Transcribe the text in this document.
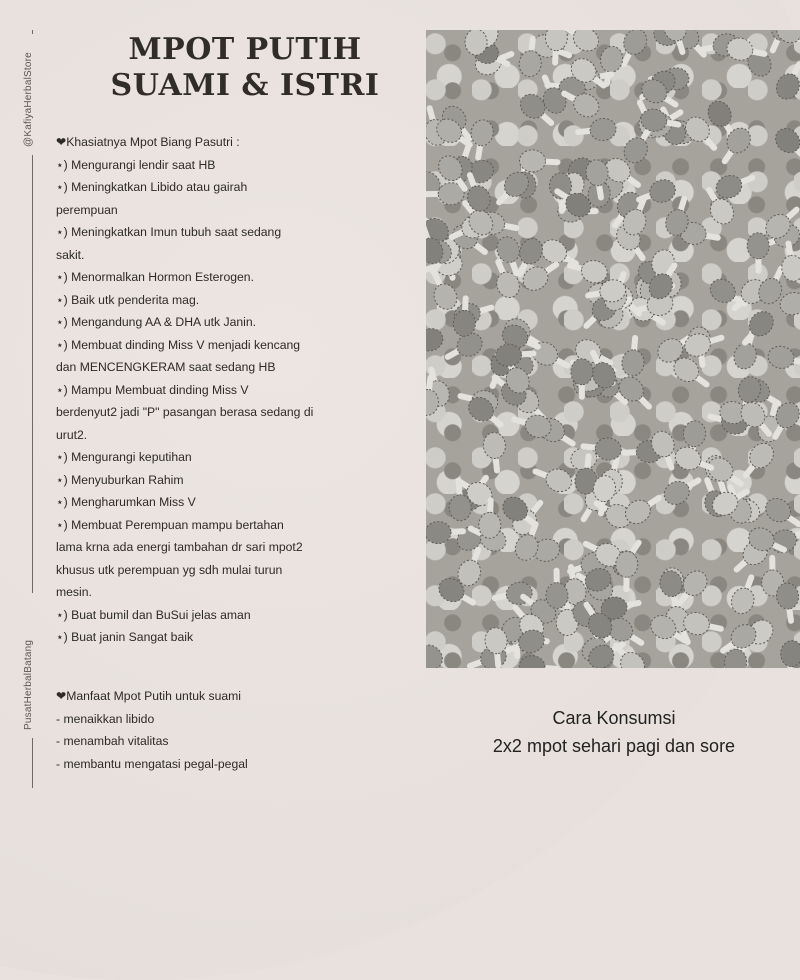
@KafiyaHerbalStore
PusatHerbalBatang
MPOT PUTIH
SUAMI & ISTRI
❤Khasiatnya Mpot Biang Pasutri :
⋆) Mengurangi lendir saat HB
⋆) Meningkatkan Libido atau gairah
perempuan
⋆) Meningkatkan Imun tubuh saat sedang
sakit.
⋆) Menormalkan Hormon Esterogen.
⋆) Baik utk penderita mag.
⋆) Mengandung AA & DHA utk Janin.
⋆) Membuat dinding Miss V menjadi kencang
dan MENCENGKERAM saat sedang HB
⋆) Mampu Membuat dinding Miss V
berdenyut2 jadi "P" pasangan berasa sedang di
urut2.
⋆) Mengurangi keputihan
⋆) Menyuburkan Rahim
⋆) Mengharumkan Miss V
⋆) Membuat Perempuan mampu bertahan
lama krna ada energi tambahan dr sari mpot2
khusus utk perempuan yg sdh mulai turun
mesin.
⋆) Buat bumil dan BuSui jelas aman
⋆) Buat janin Sangat baik
❤Manfaat Mpot Putih untuk suami
- menaikkan libido
- menambah vitalitas
- membantu mengatasi pegal-pegal
Cara Konsumsi
2x2 mpot sehari pagi dan sore
